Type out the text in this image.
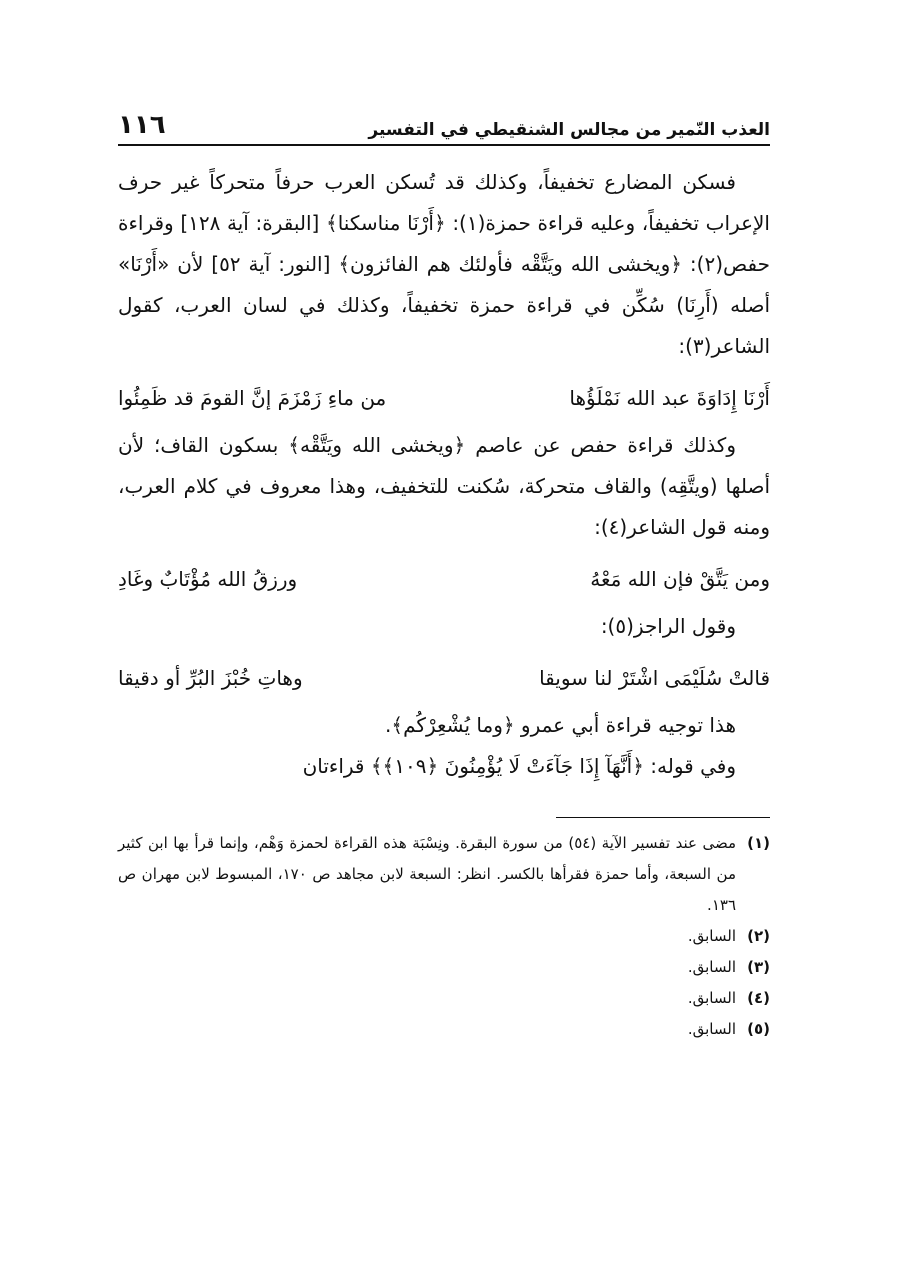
العذب النّمير من مجالس الشنقيطي في التفسير
١١٦

فسكن المضارع تخفيفاً، وكذلك قد تُسكن العرب حرفاً متحركاً غير حرف الإعراب تخفيفاً، وعليه قراءة حمزة(١): ﴿أَرْنَا مناسكنا﴾ [البقرة: آية ١٢٨] وقراءة حفص(٢): ﴿ويخشى الله ويَتَّقْه فأولئك هم الفائزون﴾ [النور: آية ٥٢] لأن «أَرْنَا» أصله (أَرِنَا) سُكِّن في قراءة حمزة تخفيفاً، وكذلك في لسان العرب، كقول الشاعر(٣):

أَرْنَا إِدَاوَةَ عبد الله نَمْلَؤُها
من ماءِ زَمْزَمَ إنَّ القومَ قد ظَمِئُوا

وكذلك قراءة حفص عن عاصم ﴿ويخشى الله ويَتَّقْه﴾ بسكون القاف؛ لأن أصلها (ويتَّقِه) والقاف متحركة، سُكنت للتخفيف، وهذا معروف في كلام العرب، ومنه قول الشاعر(٤):

ومن يَتَّقْ فإن الله مَعْهُ
ورزقُ الله مُؤْتَابٌ وغَادِ

وقول الراجز(٥):

قالتْ سُلَيْمَى اشْتَرْ لنا سويقا
وهاتِ خُبْزَ البُرِّ أو دقيقا

هذا توجيه قراءة أبي عمرو ﴿وما يُشْعِرْكُم﴾.

وفي قوله: ﴿أَنَّهَآ إِذَا جَآءَتْ لَا يُؤْمِنُونَ ﴿١٠٩﴾﴾ قراءتان

(١)
مضى عند تفسير الآية (٥٤) من سورة البقرة. ونِسْبَة هذه القراءة لحمزة وَهْم، وإنما قرأ بها ابن كثير من السبعة، وأما حمزة فقرأها بالكسر. انظر: السبعة لابن مجاهد ص ١٧٠، المبسوط لابن مهران ص ١٣٦.
(٢)
السابق.
(٣)
السابق.
(٤)
السابق.
(٥)
السابق.
